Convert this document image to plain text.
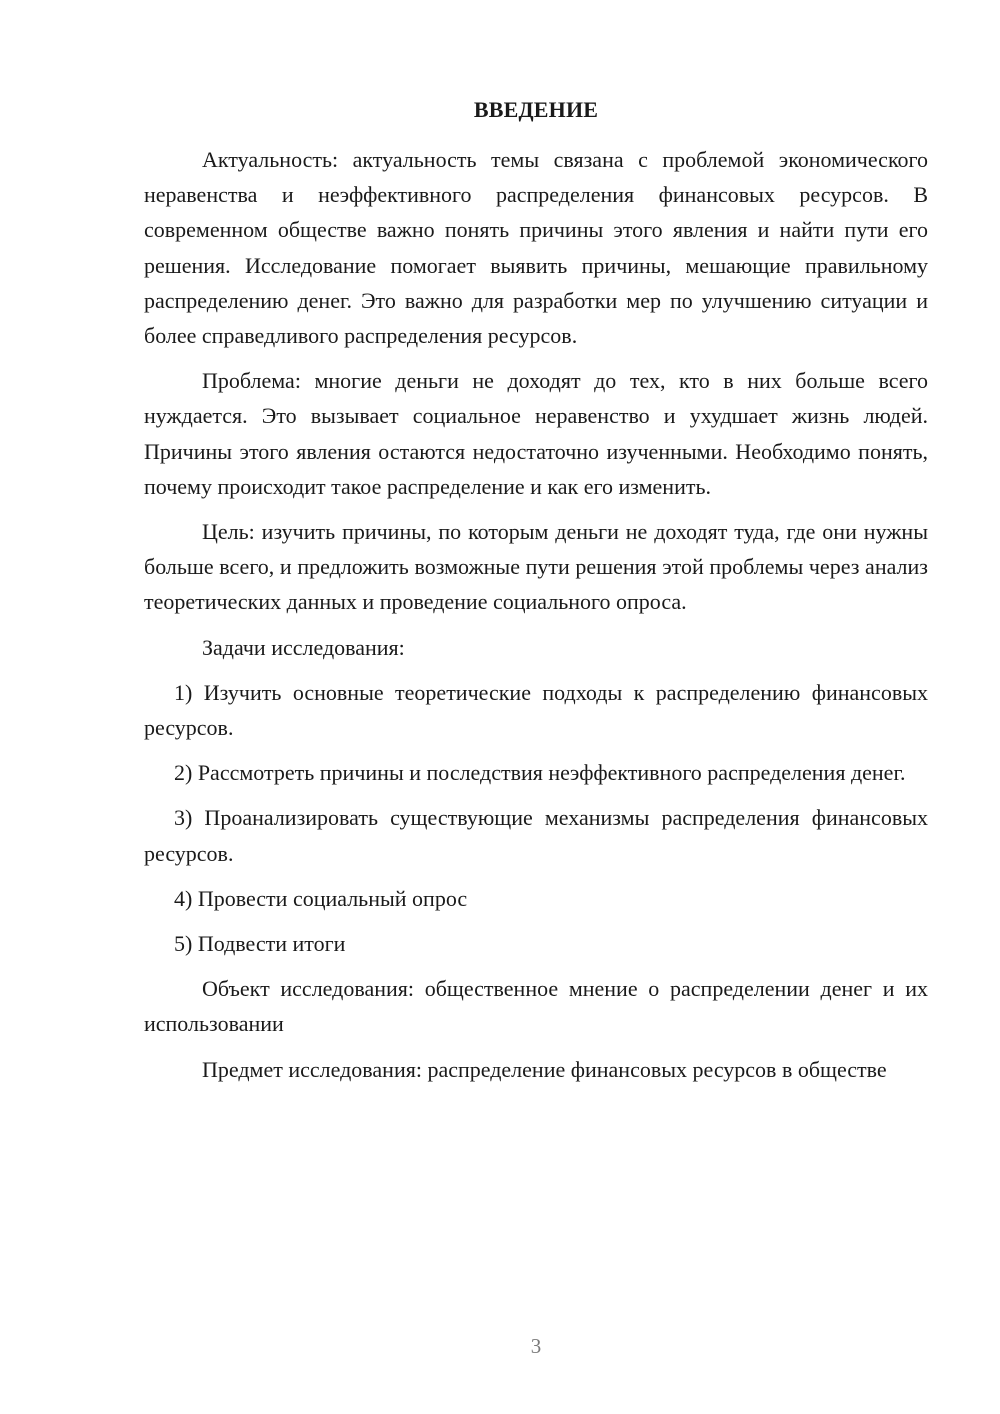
ВВЕДЕНИЕ

Актуальность: актуальность темы связана с проблемой экономического неравенства и неэффективного распределения финансовых ресурсов. В современном обществе важно понять причины этого явления и найти пути его решения. Исследование помогает выявить причины, мешающие правильному распределению денег. Это важно для разработки мер по улучшению ситуации и более справедливого распределения ресурсов.

Проблема: многие деньги не доходят до тех, кто в них больше всего нуждается. Это вызывает социальное неравенство и ухудшает жизнь людей. Причины этого явления остаются недостаточно изученными. Необходимо понять, почему происходит такое распределение и как его изменить.

Цель: изучить причины, по которым деньги не доходят туда, где они нужны больше всего, и предложить возможные пути решения этой проблемы через анализ теоретических данных и проведение социального опроса.

Задачи исследования:

1) Изучить основные теоретические подходы к распределению финансовых ресурсов.

2) Рассмотреть причины и последствия неэффективного распределения денег.

3) Проанализировать существующие механизмы распределения финансовых ресурсов.

4) Провести социальный опрос

5) Подвести итоги

Объект исследования: общественное мнение о распределении денег и их использовании

Предмет исследования: распределение финансовых ресурсов в обществе

3
